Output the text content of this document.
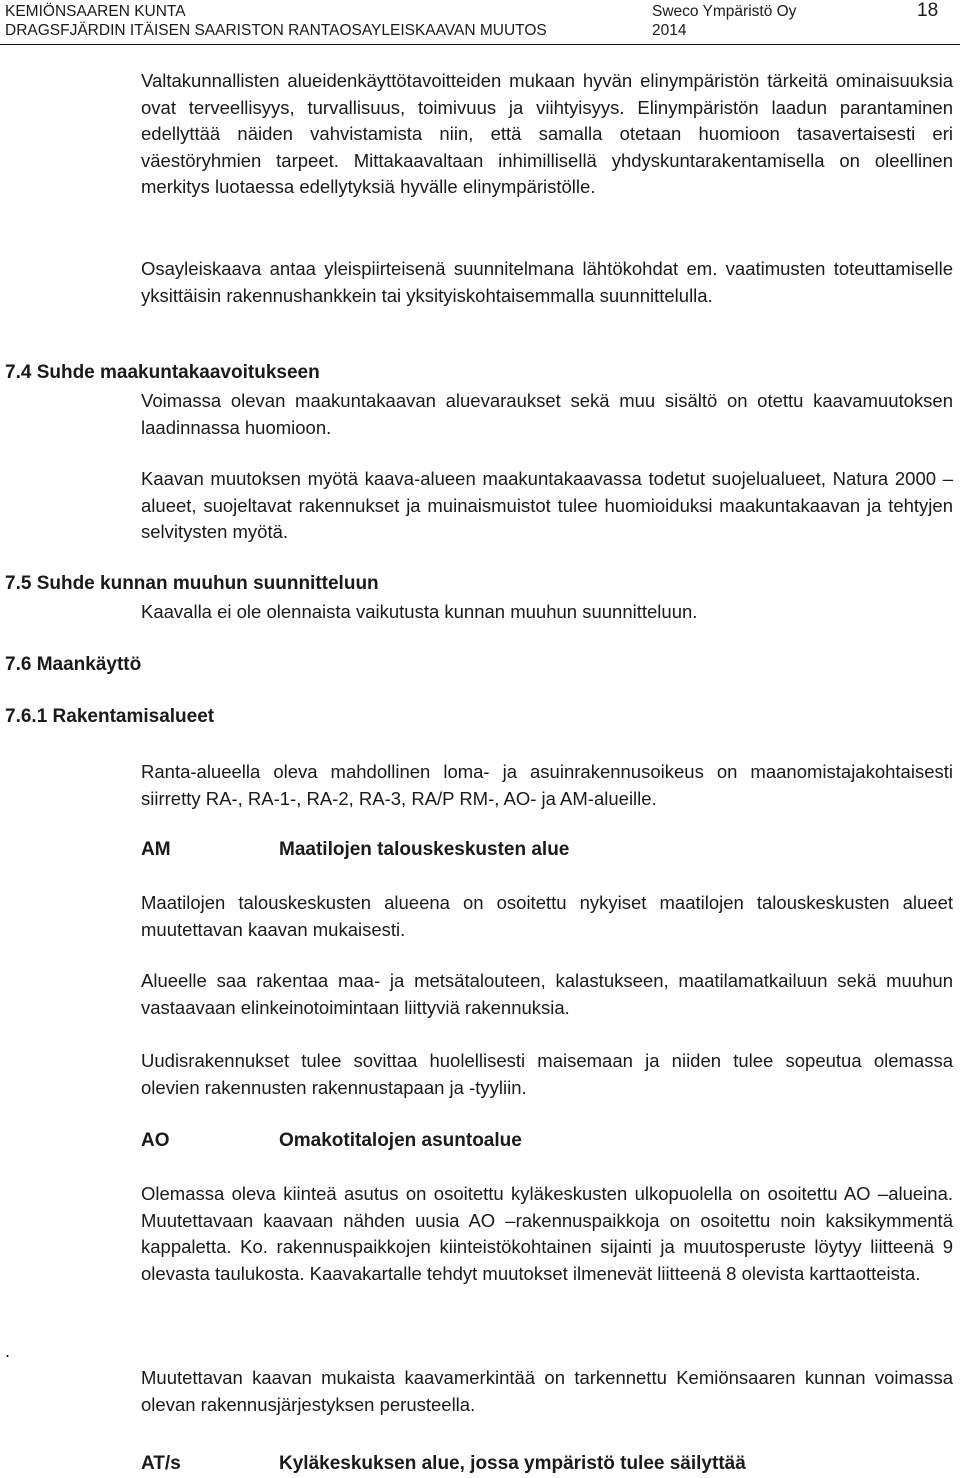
KEMIÖNSAAREN KUNTA
DRAGSFJÄRDIN ITÄISEN SAARISTON RANTAOSAYLEISKAAVAN MUUTOS
Sweco Ympäristö Oy
2014
18
Valtakunnallisten alueidenkäyttötavoitteiden mukaan hyvän elinympäristön tärkeitä ominaisuuksia ovat terveellisyys, turvallisuus, toimivuus ja viihtyisyys. Elinympäristön laadun parantaminen edellyttää näiden vahvistamista niin, että samalla otetaan huomioon tasavertaisesti eri väestöryhmien tarpeet. Mittakaavaltaan inhimillisellä yhdyskuntarakentamisella on oleellinen merkitys luotaessa edellytyksiä hyvälle elinympäristölle.
Osayleiskaava antaa yleispiirteisenä suunnitelmana lähtökohdat em. vaatimusten toteuttamiselle yksittäisin rakennushankkein tai yksityiskohtaisemmalla suunnittelulla.
7.4 Suhde maakuntakaavoitukseen
Voimassa olevan maakuntakaavan aluevaraukset sekä muu sisältö on otettu kaavamuutoksen laadinnassa huomioon.
Kaavan muutoksen myötä kaava-alueen maakuntakaavassa todetut suojelualueet, Natura 2000 –alueet, suojeltavat rakennukset ja muinaismuistot tulee huomioiduksi maakuntakaavan ja tehtyjen selvitysten myötä.
7.5 Suhde kunnan muuhun suunnitteluun
Kaavalla ei ole olennaista vaikutusta kunnan muuhun suunnitteluun.
7.6 Maankäyttö
7.6.1 Rakentamisalueet
Ranta-alueella oleva mahdollinen loma- ja asuinrakennusoikeus on maanomistajakohtaisesti siirretty RA-, RA-1-, RA-2, RA-3, RA/P RM-, AO- ja AM-alueille.
AM	Maatilojen talouskeskusten alue
Maatilojen talouskeskusten alueena on osoitettu nykyiset maatilojen talouskeskusten alueet muutettavan kaavan mukaisesti.
Alueelle saa rakentaa maa- ja metsätalouteen, kalastukseen, maatilamatkailuun sekä muuhun vastaavaan elinkeinotoimintaan liittyviä rakennuksia.
Uudisrakennukset tulee sovittaa huolellisesti maisemaan ja niiden tulee sopeutua olemassa olevien rakennusten rakennustapaan ja -tyyliin.
AO	Omakotitalojen asuntoalue
Olemassa oleva kiinteä asutus on osoitettu kyläkeskusten ulkopuolella on osoitettu AO –alueina. Muutettavaan kaavaan nähden uusia AO –rakennuspaikkoja on osoitettu noin kaksikymmentä kappaletta. Ko. rakennuspaikkojen kiinteistökohtainen sijainti ja muutosperuste löytyy liitteenä 9 olevasta taulukosta. Kaavakartalle tehdyt muutokset ilmenevät liitteenä 8 olevista karttaotteista.
.
Muutettavan kaavan mukaista kaavamerkintää on tarkennettu Kemiönsaaren kunnan voimassa olevan rakennusjärjestyksen perusteella.
AT/s	Kyläkeskuksen alue, jossa ympäristö tulee säilyttää
